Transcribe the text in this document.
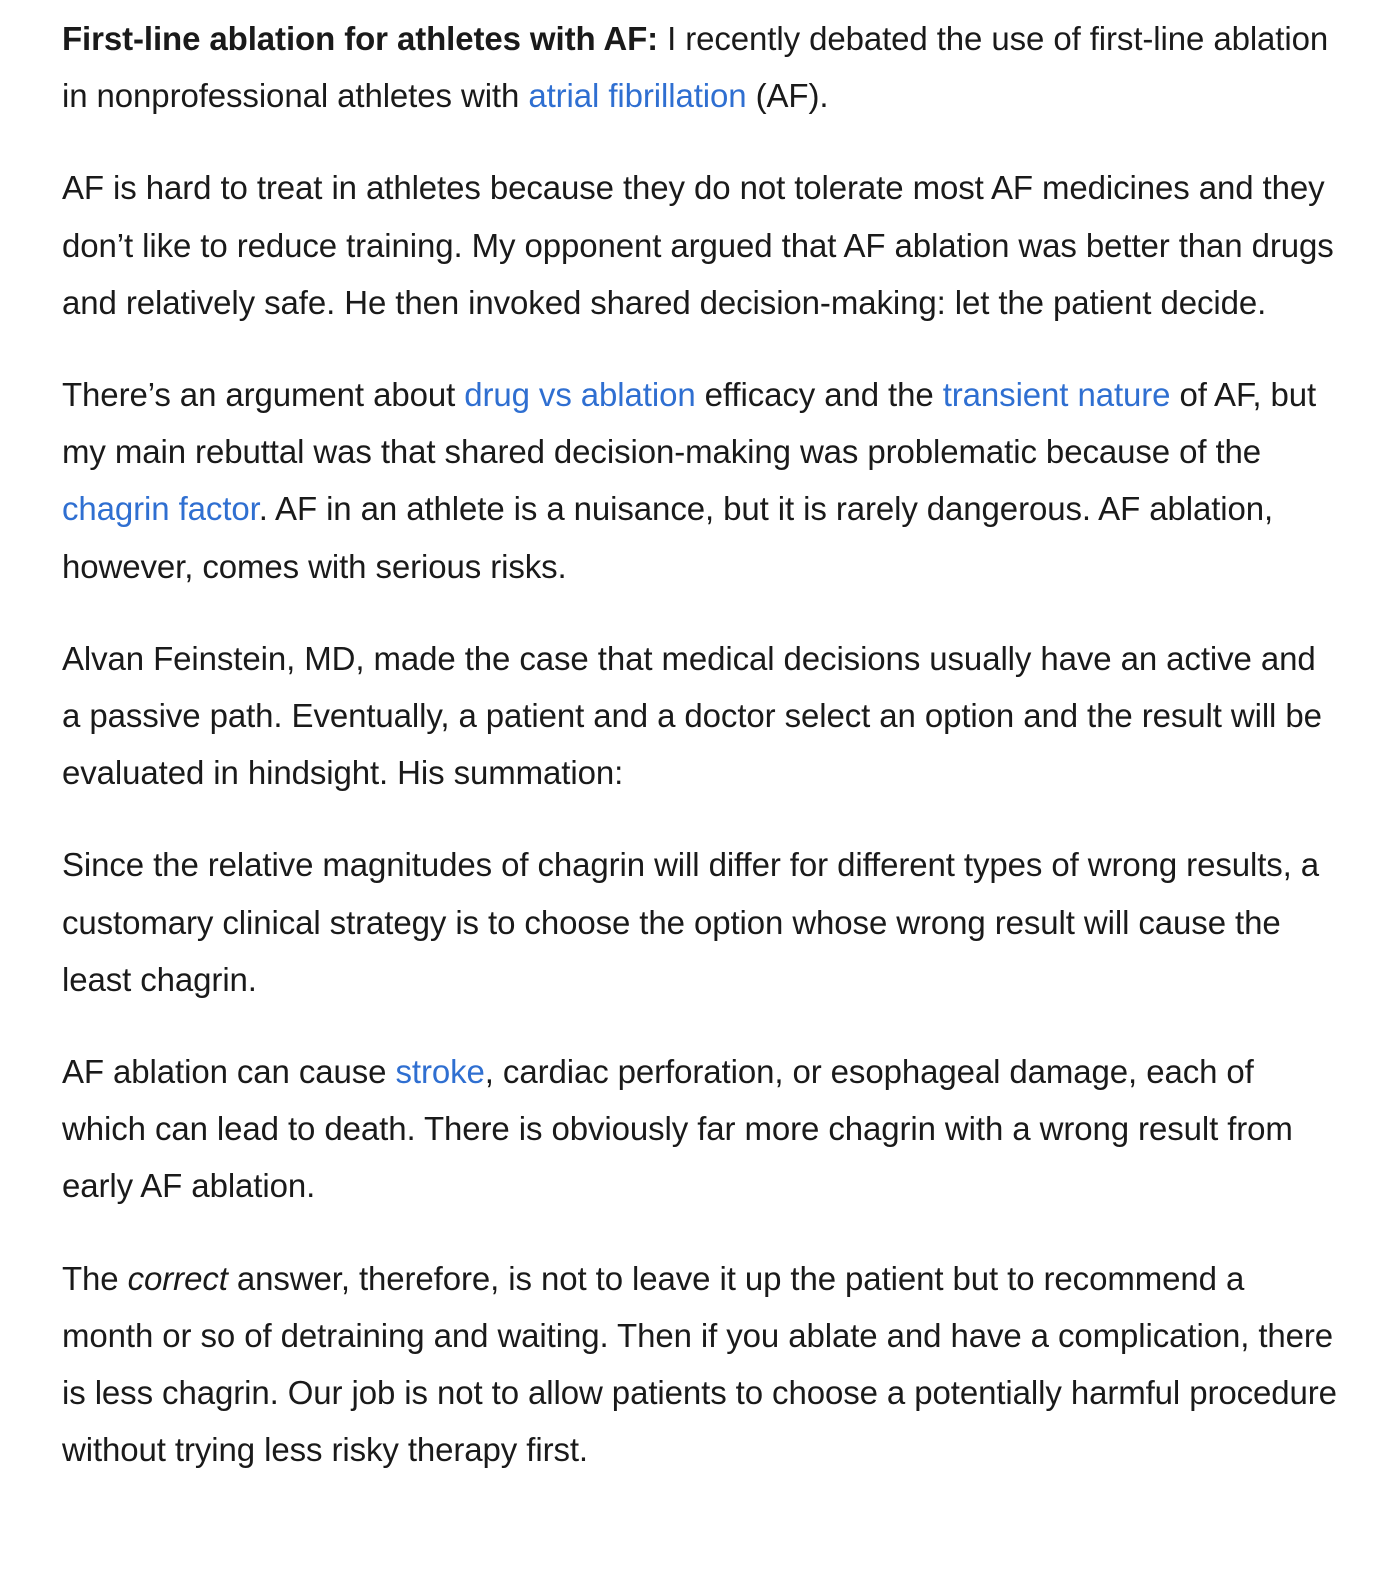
First-line ablation for athletes with AF: I recently debated the use of first-line ablation in nonprofessional athletes with atrial fibrillation (AF).

AF is hard to treat in athletes because they do not tolerate most AF medicines and they don’t like to reduce training. My opponent argued that AF ablation was better than drugs and relatively safe. He then invoked shared decision-making: let the patient decide.

There’s an argument about drug vs ablation efficacy and the transient nature of AF, but my main rebuttal was that shared decision-making was problematic because of the chagrin factor. AF in an athlete is a nuisance, but it is rarely dangerous. AF ablation, however, comes with serious risks.

Alvan Feinstein, MD, made the case that medical decisions usually have an active and a passive path. Eventually, a patient and a doctor select an option and the result will be evaluated in hindsight. His summation:

Since the relative magnitudes of chagrin will differ for different types of wrong results, a customary clinical strategy is to choose the option whose wrong result will cause the least chagrin.

AF ablation can cause stroke, cardiac perforation, or esophageal damage, each of which can lead to death. There is obviously far more chagrin with a wrong result from early AF ablation.

The correct answer, therefore, is not to leave it up the patient but to recommend a month or so of detraining and waiting. Then if you ablate and have a complication, there is less chagrin. Our job is not to allow patients to choose a potentially harmful procedure without trying less risky therapy first.
